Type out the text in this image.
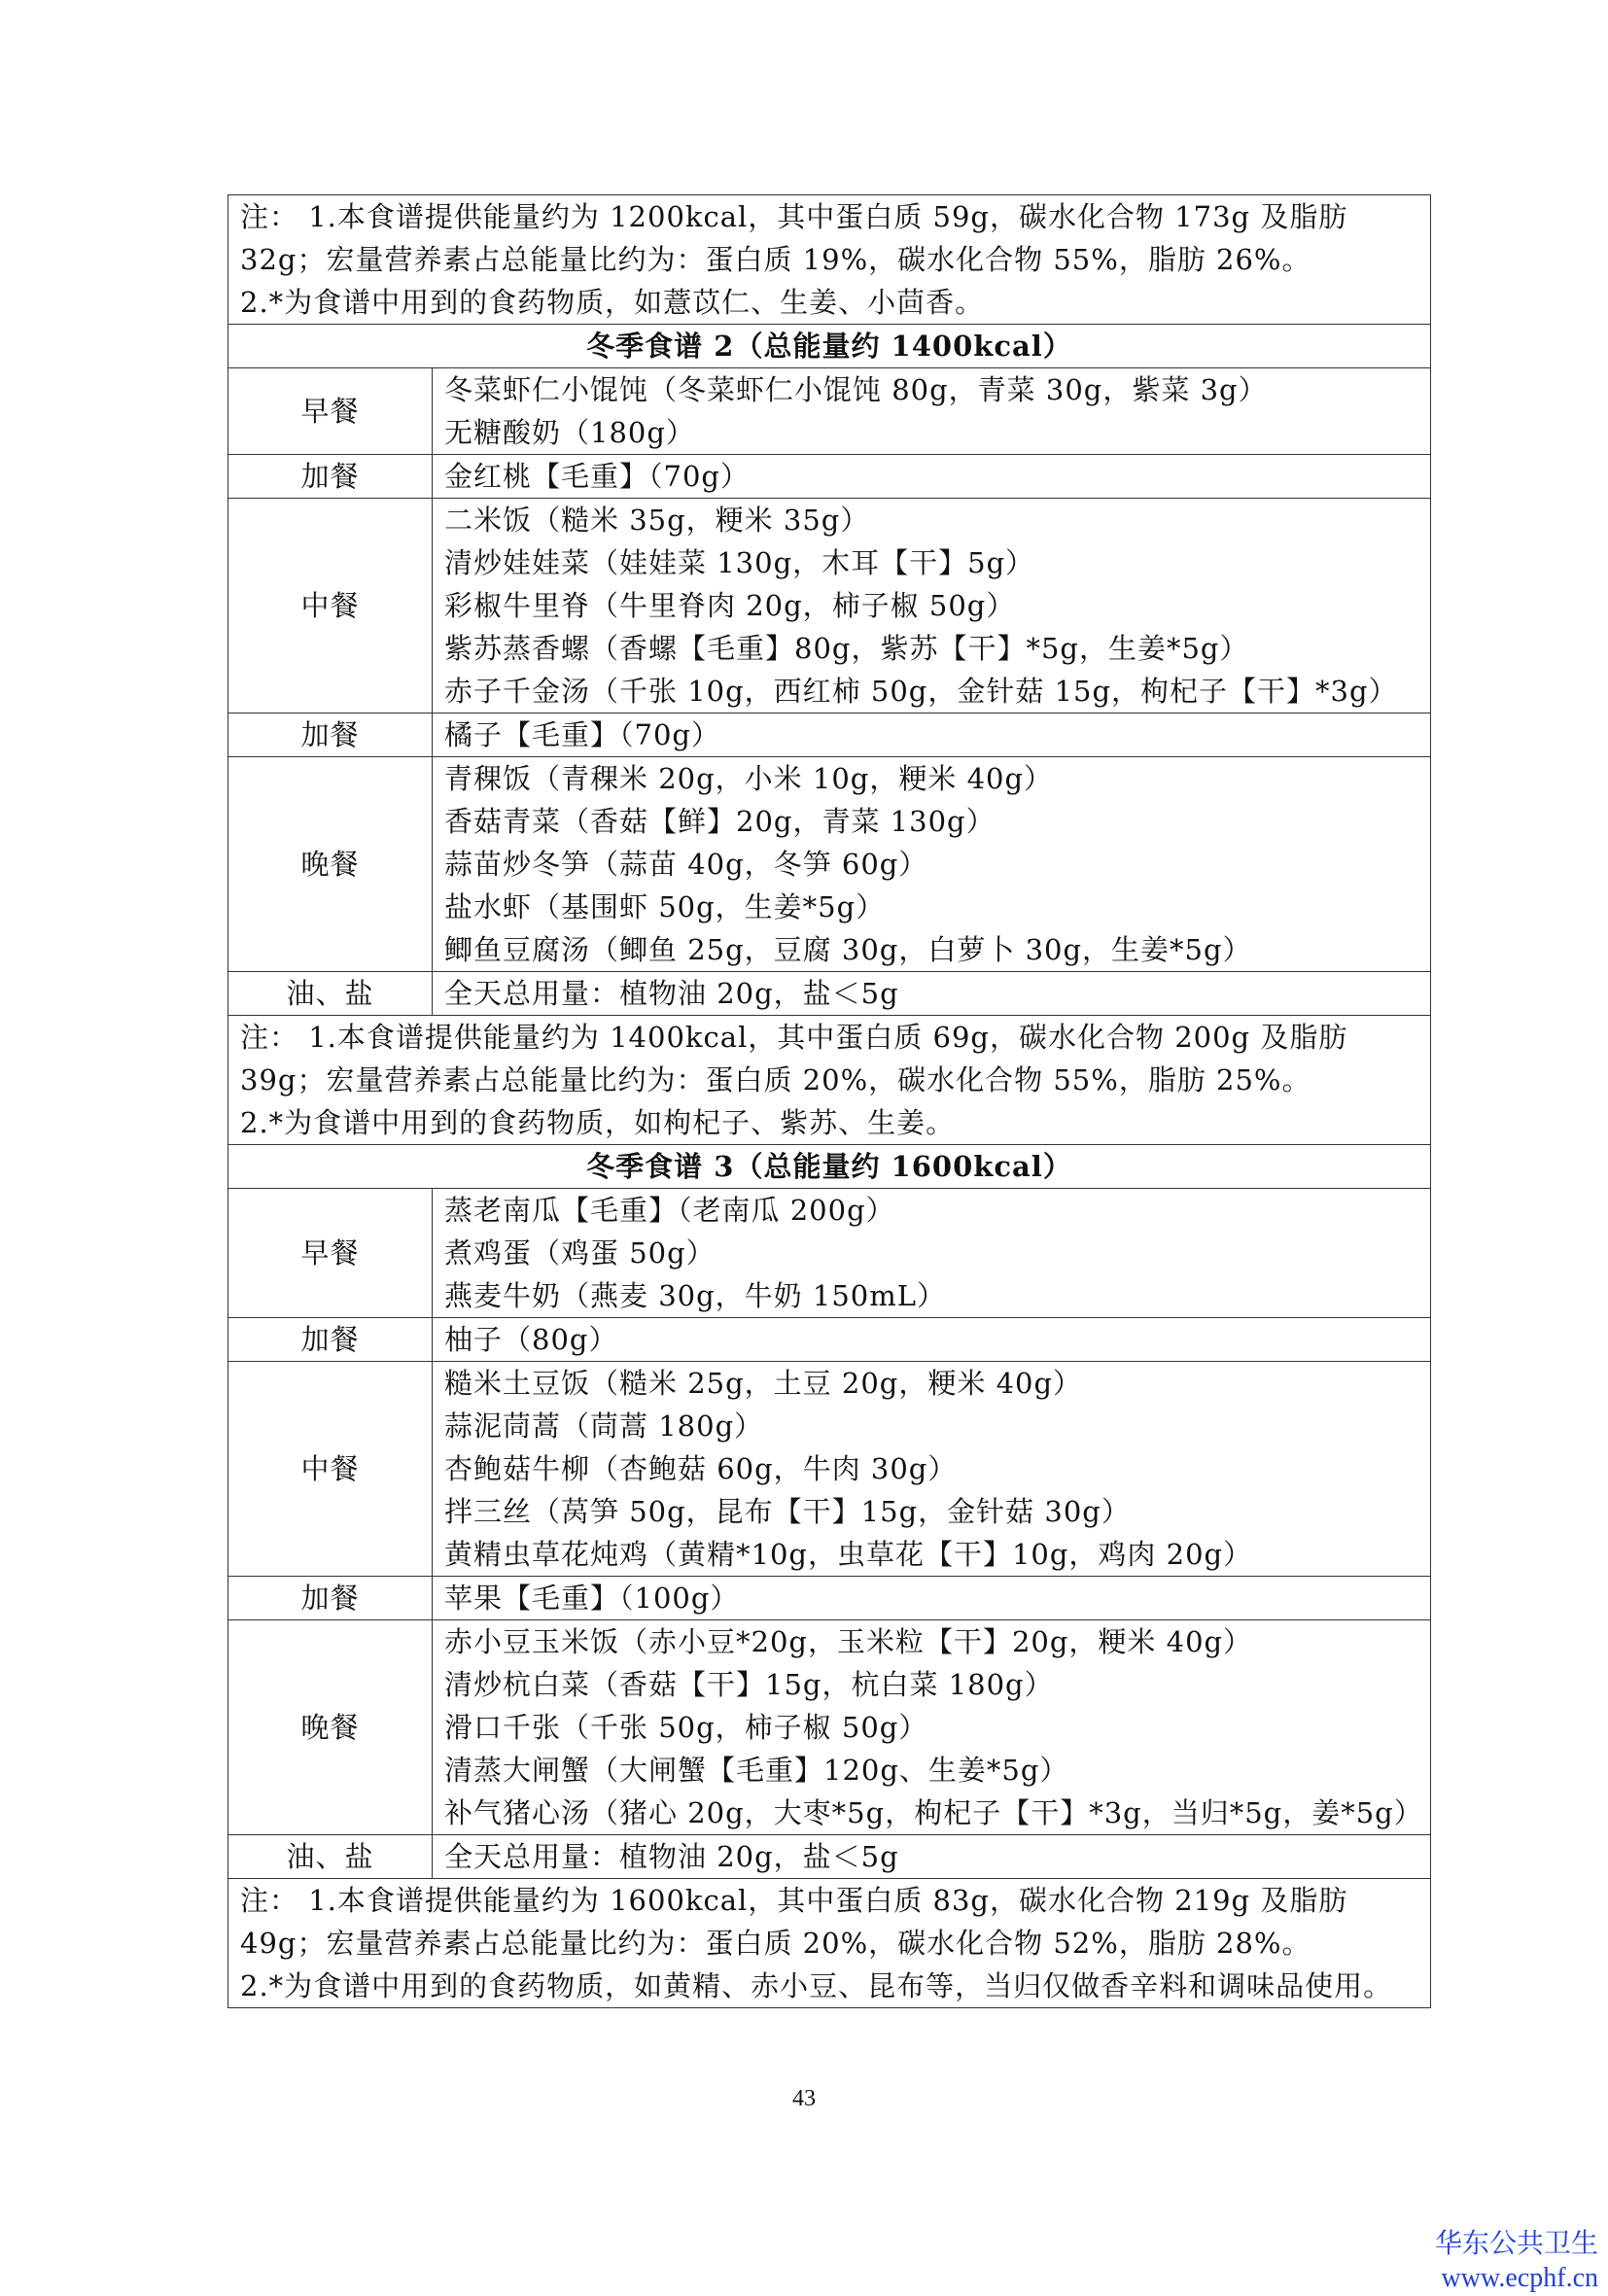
注： 1.本食谱提供能量约为 1200kcal，其中蛋白质 59g，碳水化合物 173g 及脂肪 32g；宏量营养素占总能量比约为：蛋白质 19%，碳水化合物 55%，脂肪 26%。
2.*为食谱中用到的食药物质，如薏苡仁、生姜、小茴香。	

冬季食谱 2（总能量约 1400kcal）	
早餐	冬菜虾仁小馄饨（冬菜虾仁小馄饨 80g，青菜 30g，紫菜 3g）
无糖酸奶（180g）

加餐	金红桃【毛重】（70g）

中餐	二米饭（糙米 35g，粳米 35g）
清炒娃娃菜（娃娃菜 130g，木耳【干】5g）
彩椒牛里脊（牛里脊肉 20g，柿子椒 50g）
紫苏蒸香螺（香螺【毛重】80g，紫苏【干】*5g，生姜*5g）
赤子千金汤（千张 10g，西红柿 50g，金针菇 15g，枸杞子【干】*3g）

加餐	橘子【毛重】（70g）

晚餐	青稞饭（青稞米 20g，小米 10g，粳米 40g）
香菇青菜（香菇【鲜】20g，青菜 130g）
蒜苗炒冬笋（蒜苗 40g，冬笋 60g）
盐水虾（基围虾 50g，生姜*5g）
鲫鱼豆腐汤（鲫鱼 25g，豆腐 30g，白萝卜 30g，生姜*5g）

油、盐	全天总用量：植物油 20g，盐＜5g

注： 1.本食谱提供能量约为 1400kcal，其中蛋白质 69g，碳水化合物 200g 及脂肪 39g；宏量营养素占总能量比约为：蛋白质 20%，碳水化合物 55%，脂肪 25%。
2.*为食谱中用到的食药物质，如枸杞子、紫苏、生姜。	

冬季食谱 3（总能量约 1600kcal）	
早餐	蒸老南瓜【毛重】（老南瓜 200g）
煮鸡蛋（鸡蛋 50g）
燕麦牛奶（燕麦 30g，牛奶 150mL）

加餐	柚子（80g）

中餐	糙米土豆饭（糙米 25g，土豆 20g，粳米 40g）
蒜泥茼蒿（茼蒿 180g）
杏鲍菇牛柳（杏鲍菇 60g，牛肉 30g）
拌三丝（莴笋 50g，昆布【干】15g，金针菇 30g）
黄精虫草花炖鸡（黄精*10g，虫草花【干】10g，鸡肉 20g）

加餐	苹果【毛重】（100g）

晚餐	赤小豆玉米饭（赤小豆*20g，玉米粒【干】20g，粳米 40g）
清炒杭白菜（香菇【干】15g，杭白菜 180g）
滑口千张（千张 50g，柿子椒 50g）
清蒸大闸蟹（大闸蟹【毛重】120g、生姜*5g）
补气猪心汤（猪心 20g，大枣*5g，枸杞子【干】*3g，当归*5g，姜*5g）

油、盐	全天总用量：植物油 20g，盐＜5g

注： 1.本食谱提供能量约为 1600kcal，其中蛋白质 83g，碳水化合物 219g 及脂肪 49g；宏量营养素占总能量比约为：蛋白质 20%，碳水化合物 52%，脂肪 28%。
2.*为食谱中用到的食药物质，如黄精、赤小豆、昆布等，当归仅做香辛料和调味品使用。	
43
华东公共卫生
www.ecphf.cn
